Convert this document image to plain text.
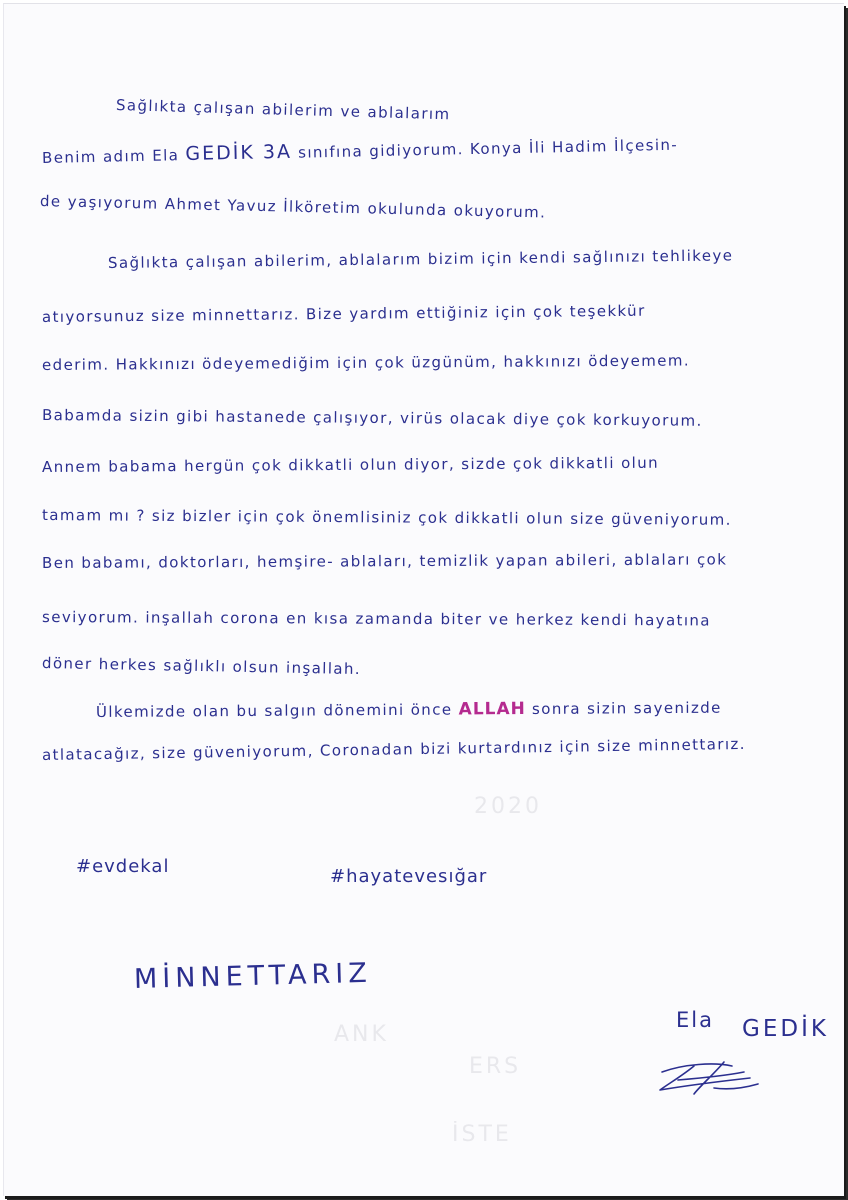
2020
ANK
ERS
İSTE
Sağlıkta çalışan abilerim ve ablalarım
Benim adım Ela GEDİK 3A sınıfına gidiyorum. Konya İli Hadim İlçesin-
de yaşıyorum Ahmet Yavuz İlköretim okulunda okuyorum.
Sağlıkta çalışan abilerim, ablalarım bizim için kendi sağlınızı tehlikeye
atıyorsunuz size minnettarız. Bize yardım ettiğiniz için çok teşekkür
ederim. Hakkınızı ödeyemediğim için çok üzgünüm, hakkınızı ödeyemem.
Babamda sizin gibi hastanede çalışıyor, virüs olacak diye çok korkuyorum.
Annem babama hergün çok dikkatli olun diyor, sizde çok dikkatli olun
tamam mı ? siz bizler için çok önemlisiniz çok dikkatli olun size güveniyorum.
Ben babamı, doktorları, hemşire- ablaları, temizlik yapan abileri, ablaları çok
seviyorum. inşallah corona en kısa zamanda biter ve herkez kendi hayatına
döner herkes sağlıklı olsun inşallah.
Ülkemizde olan bu salgın dönemini önce ALLAH sonra sizin sayenizde
atlatacağız, size güveniyorum, Coronadan bizi kurtardınız için size minnettarız.
#evdekal	#hayatevesığar
MİNNETTARIZ
Ela GEDİK
